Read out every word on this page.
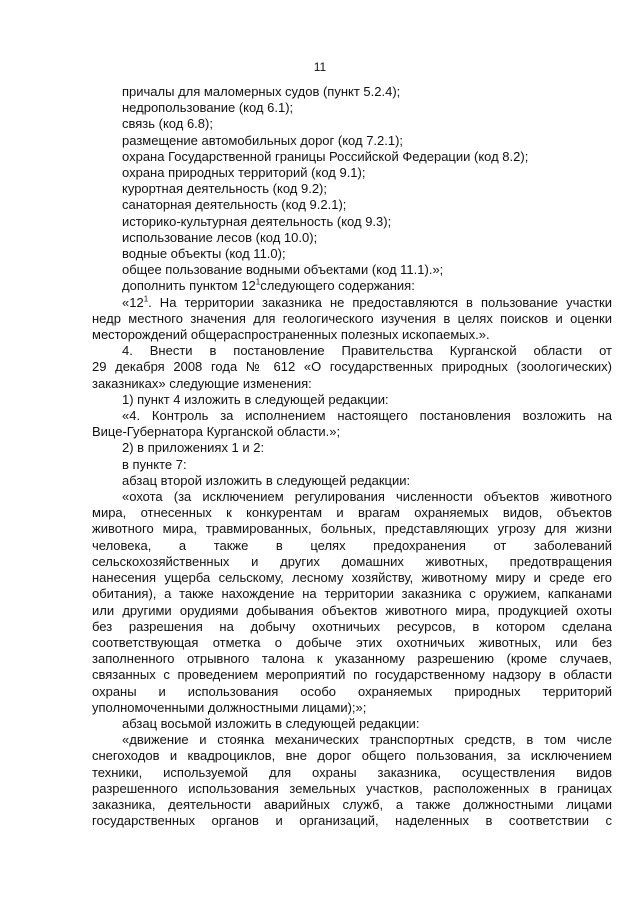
11
причалы для маломерных судов (пункт 5.2.4);
недропользование (код 6.1);
связь (код 6.8);
размещение автомобильных дорог (код 7.2.1);
охрана Государственной границы Российской Федерации (код 8.2);
охрана природных территорий (код 9.1);
курортная деятельность (код 9.2);
санаторная деятельность (код 9.2.1);
историко-культурная деятельность (код 9.3);
использование лесов (код 10.0);
водные объекты (код 11.0);
общее пользование водными объектами (код 11.1).»;
дополнить пунктом $12^1следующего$ содержания:
«$12^1$. На территории заказника не предоставляются в пользование участки
недр местного значения для геологического изучения в целях поисков и оценки
месторождений общераспространенных полезных ископаемых.».
4. Внести в постановление Правительства Курганской области от
29 декабря 2008 года № 612 «О государственных природных (зоологических)
заказниках» следующие изменения:
1) пункт 4 изложить в следующей редакции:
«4. Контроль за исполнением настоящего постановления возложить на
Вице-Губернатора Курганской области.»;
2) в приложениях 1 и 2:
в пункте 7:
абзац второй изложить в следующей редакции:
«охота (за исключением регулирования численности объектов животного
мира, отнесенных к конкурентам и врагам охраняемых видов, объектов
животного мира, травмированных, больных, представляющих угрозу для жизни
человека, а также в целях предохранения от заболеваний
сельскохозяйственных и других домашних животных, предотвращения
нанесения ущерба сельскому, лесному хозяйству, животному миру и среде его
обитания), а также нахождение на территории заказника с оружием, капканами
или другими орудиями добывания объектов животного мира, продукцией охоты
без разрешения на добычу охотничьих ресурсов, в котором сделана
соответствующая отметка о добыче этих охотничьих животных, или без
заполненного отрывного талона к указанному разрешению (кроме случаев,
связанных с проведением мероприятий по государственному надзору в области
охраны и использования особо охраняемых природных территорий
уполномоченными должностными лицами);»;
абзац восьмой изложить в следующей редакции:
«движение и стоянка механических транспортных средств, в том числе
снегоходов и квадроциклов, вне дорог общего пользования, за исключением
техники, используемой для охраны заказника, осуществления видов
разрешенного использования земельных участков, расположенных в границах
заказника, деятельности аварийных служб, а также должностными лицами
государственных органов и организаций, наделенных в соответствии с
